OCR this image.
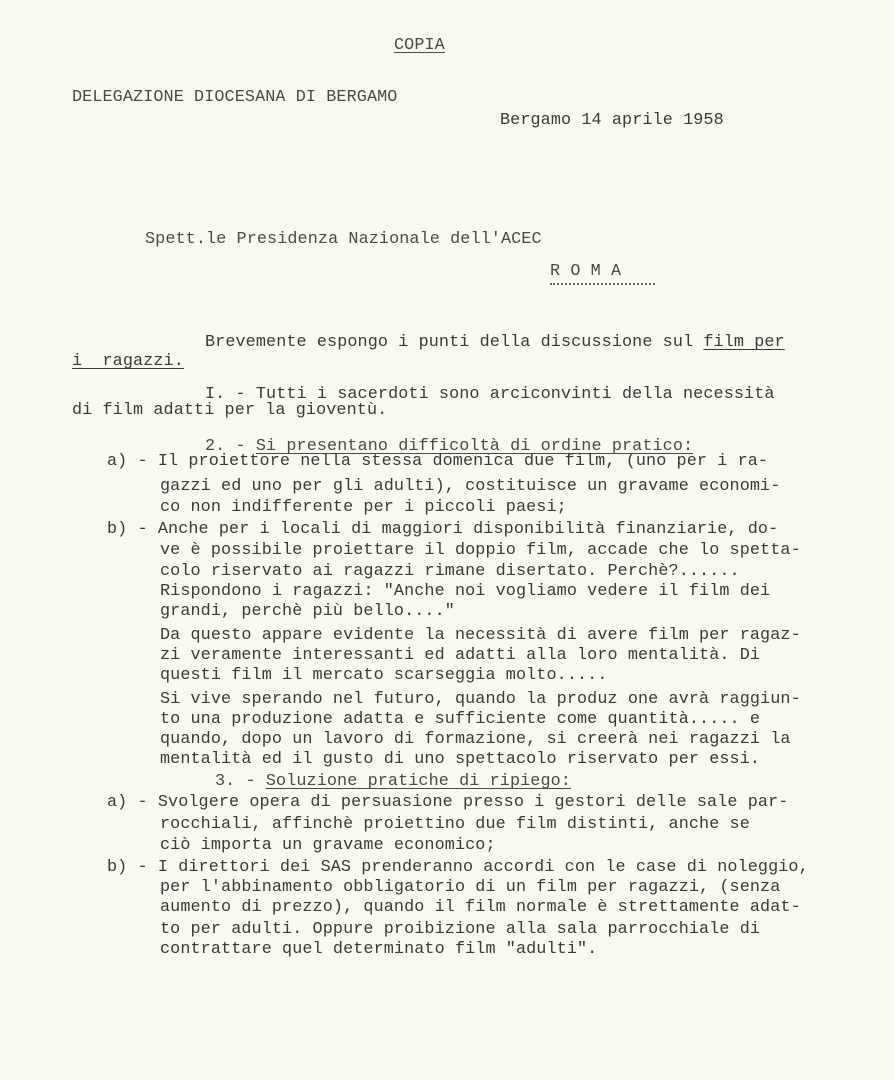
COPIA
DELEGAZIONE DIOCESANA DI BERGAMO
Bergamo 14 aprile 1958
Spett.le Presidenza Nazionale dell'ACEC
R O M A
Brevemente espongo i punti della discussione sul film per
i  ragazzi.
I. - Tutti i sacerdoti sono arciconvinti della necessità
di film adatti per la gioventù.
2. - Si presentano difficoltà di ordine pratico:
a) - Il proiettore nella stessa domenica due film, (uno per i ra-
gazzi ed uno per gli adulti), costituisce un gravame economi-
co non indifferente per i piccoli paesi;
b) - Anche per i locali di maggiori disponibilità finanziarie, do-
ve è possibile proiettare il doppio film, accade che lo spetta-
colo riservato ai ragazzi rimane disertato. Perchè?......
Rispondono i ragazzi: "Anche noi vogliamo vedere il film dei
grandi, perchè più bello...."
Da questo appare evidente la necessità di avere film per ragaz-
zi veramente interessanti ed adatti alla loro mentalità. Di
questi film il mercato scarseggia molto.....
Si vive sperando nel futuro, quando la produz one avrà raggiun-
to una produzione adatta e sufficiente come quantità..... e
quando, dopo un lavoro di formazione, si creerà nei ragazzi la
mentalità ed il gusto di uno spettacolo riservato per essi.
3. - Soluzione pratiche di ripiego:
a) - Svolgere opera di persuasione presso i gestori delle sale par-
rocchiali, affinchè proiettino due film distinti, anche se
ciò importa un gravame economico;
b) - I direttori dei SAS prenderanno accordi con le case di noleggio,
per l'abbinamento obbligatorio di un film per ragazzi, (senza
aumento di prezzo), quando il film normale è strettamente adat-
to per adulti. Oppure proibizione alla sala parrocchiale di
contrattare quel determinato film "adulti".
